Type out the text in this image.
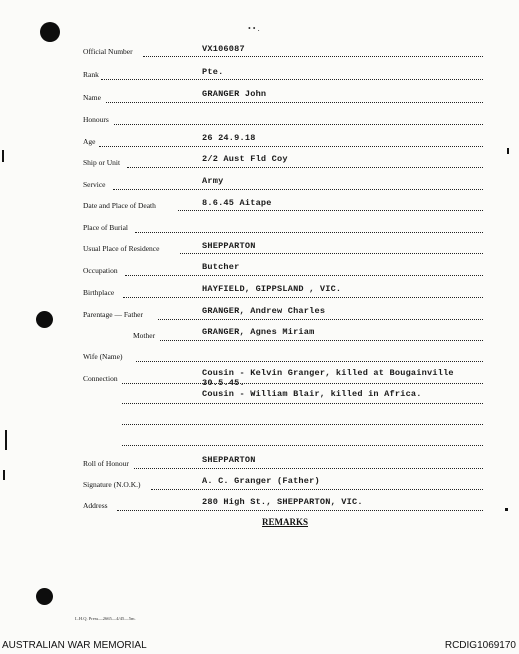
• • .
Official Number	VX106087
Rank	Pte.
Name	GRANGER John
Honours
Age	26 24.9.18
Ship or Unit	2/2 Aust Fld Coy
Service	Army
Date and Place of Death	8.6.45 Aitape
Place of Burial
Usual Place of Residence	SHEPPARTON
Occupation	Butcher
Birthplace	HAYFIELD, GIPPSLAND , VIC.
Parentage — Father	GRANGER, Andrew Charles
Mother	GRANGER, Agnes Miriam
Wife (Name)
Connection
Cousin - Kelvin Granger, killed at Bougainville
30.5.45.
Cousin - William Blair, killed in Africa.
Roll of Honour	SHEPPARTON
Signature (N.O.K.)	A. C. Granger (Father)
Address	280 High St., SHEPPARTON, VIC.
REMARKS
L.H.Q. Press—2665—4/45—5m.
AUSTRALIAN WAR MEMORIAL	RCDIG1069170
